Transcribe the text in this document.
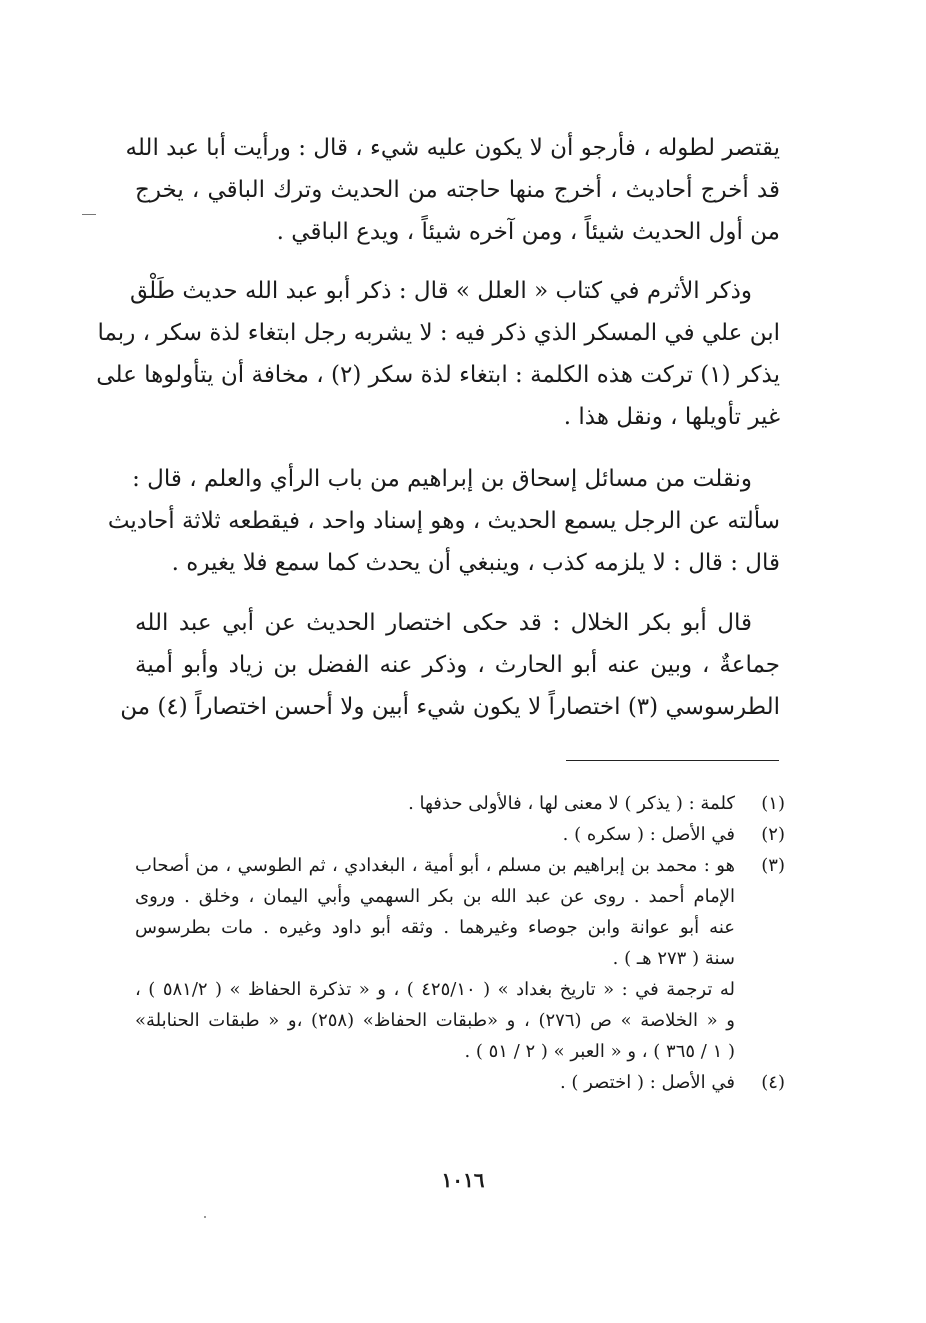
يقتصر لطوله ، فأرجو أن لا يكون عليه شيء ، قال : ورأيت أبا عبد الله
قد أخرج أحاديث ، أخرج منها حاجته من الحديث وترك الباقي ، يخرج
من أول الحديث شيئاً ، ومن آخره شيئاً ، ويدع الباقي .
وذكر الأثرم في كتاب « العلل » قال : ذكر أبو عبد الله حديث طَلْق
ابن علي في المسكر الذي ذكر فيه : لا يشربه رجل ابتغاء لذة سكر ، ربما
يذكر (١) تركت هذه الكلمة : ابتغاء لذة سكر (٢) ، مخافة أن يتأولوها على
غير تأويلها ، ونقل هذا .
ونقلت من مسائل إسحاق بن إبراهيم من باب الرأي والعلم ، قال :
سألته عن الرجل يسمع الحديث ، وهو إسناد واحد ، فيقطعه ثلاثة أحاديث
قال : قال : لا يلزمه كذب ، وينبغي أن يحدث كما سمع فلا يغيره .
قال أبو بكر الخلال : قد حكى اختصار الحديث عن أبي عبد الله
جماعةٌ ، وبين عنه أبو الحارث ، وذكر عنه الفضل بن زياد وأبو أمية
الطرسوسي (٣) اختصاراً لا يكون شيء أبين ولا أحسن اختصاراً (٤) من
(١)
كلمة : ( يذكر ) لا معنى لها ، فالأولى حذفها .
(٢)
في الأصل : ( سكره ) .
(٣)
هو : محمد بن إبراهيم بن مسلم ، أبو أمية ، البغدادي ، ثم الطوسي ، من أصحاب
الإمام أحمد . روى عن عبد الله بن بكر السهمي وأبي اليمان ، وخلق . وروى
عنه أبو عوانة وابن جوصاء وغيرهما . وثقه أبو داود وغيره . مات بطرسوس
سنة ( ٢٧٣ هـ ) .
له ترجمة في : « تاريخ بغداد » ( ٤٢٥/١٠ ) ، و « تذكرة الحفاظ » ( ٥٨١/٢ ) ،
و « الخلاصة » ص (٢٧٦) ، و «طبقات الحفاظ» (٢٥٨) ،و « طبقات الحنابلة»
( ١ / ٣٦٥ ) ، و « العبر » ( ٢ / ٥١ ) .
(٤)
في الأصل : ( اختصر ) .
١٠١٦
